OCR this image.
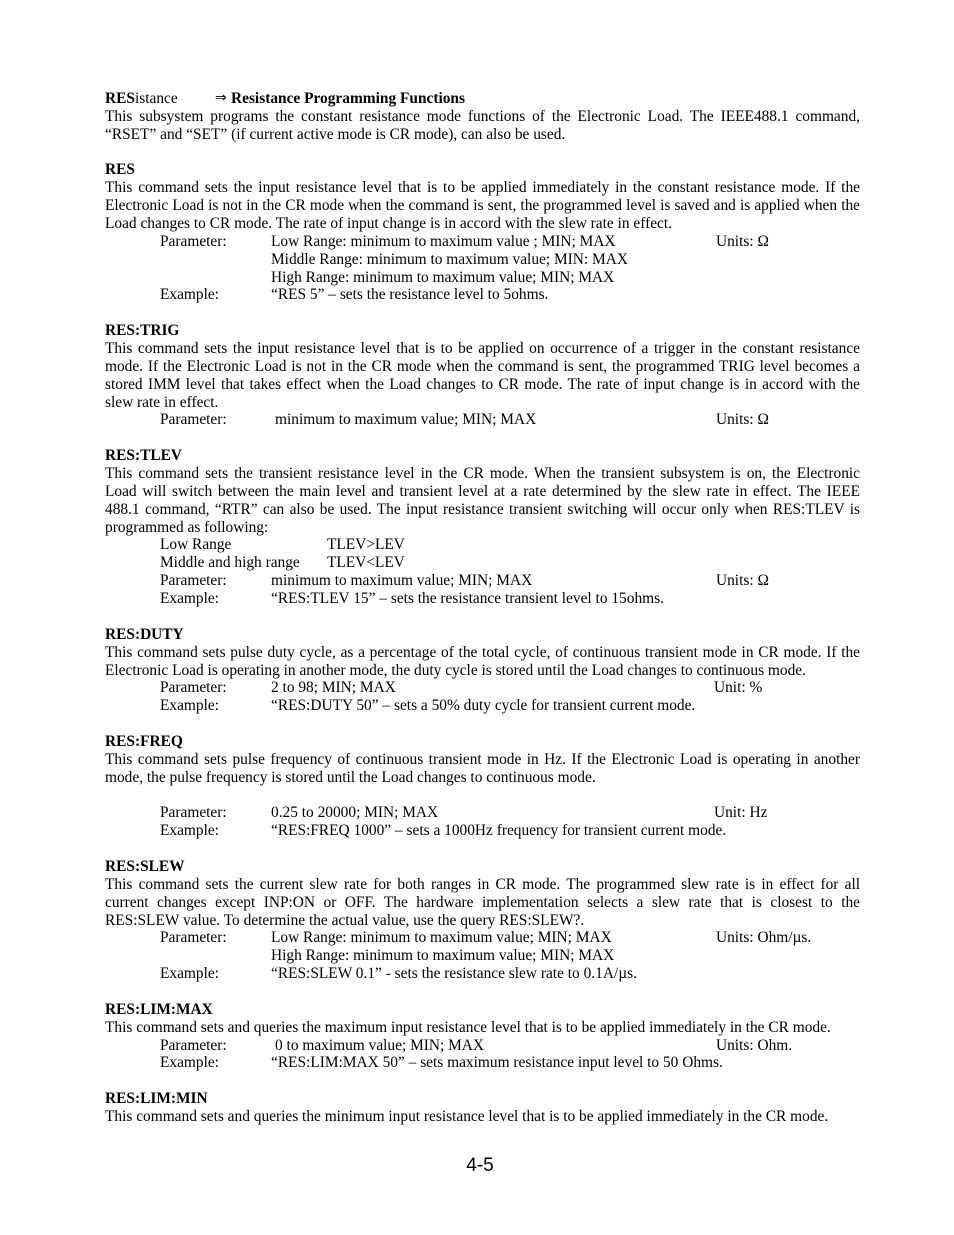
RESistance	⇒ Resistance Programming Functions
This subsystem programs the constant resistance mode functions of the Electronic Load. The IEEE488.1 command,
“RSET” and “SET” (if current active mode is CR mode), can also be used.
RES
This command sets the input resistance level that is to be applied immediately in the constant resistance mode. If the
Electronic Load is not in the CR mode when the command is sent, the programmed level is saved and is applied when the
Load changes to CR mode. The rate of input change is in accord with the slew rate in effect.
Parameter:	Low Range: minimum to maximum value ; MIN; MAX	Units: Ω
Middle Range: minimum to maximum value; MIN: MAX
High Range: minimum to maximum value; MIN; MAX
Example:	“RES 5” – sets the resistance level to 5ohms.
RES:TRIG
This command sets the input resistance level that is to be applied on occurrence of a trigger in the constant resistance
mode. If the Electronic Load is not in the CR mode when the command is sent, the programmed TRIG level becomes a
stored IMM level that takes effect when the Load changes to CR mode. The rate of input change is in accord with the
slew rate in effect.
Parameter:	minimum to maximum value; MIN; MAX	Units: Ω
RES:TLEV
This command sets the transient resistance level in the CR mode. When the transient subsystem is on, the Electronic
Load will switch between the main level and transient level at a rate determined by the slew rate in effect. The IEEE
488.1 command, “RTR” can also be used. The input resistance transient switching will occur only when RES:TLEV is
programmed as following:
Low Range	TLEV>LEV
Middle and high range TLEV<LEV
Parameter:	minimum to maximum value; MIN; MAX	Units: Ω
Example:	“RES:TLEV 15” – sets the resistance transient level to 15ohms.
RES:DUTY
This command sets pulse duty cycle, as a percentage of the total cycle, of continuous transient mode in CR mode. If the
Electronic Load is operating in another mode, the duty cycle is stored until the Load changes to continuous mode.
Parameter:	2 to 98; MIN; MAX	Unit: %
Example:	“RES:DUTY 50” – sets a 50% duty cycle for transient current mode.
RES:FREQ
This command sets pulse frequency of continuous transient mode in Hz. If the Electronic Load is operating in another
mode, the pulse frequency is stored until the Load changes to continuous mode.
Parameter:	0.25 to 20000; MIN; MAX	Unit: Hz
Example:	“RES:FREQ 1000” – sets a 1000Hz frequency for transient current mode.
RES:SLEW
This command sets the current slew rate for both ranges in CR mode. The programmed slew rate is in effect for all
current changes except INP:ON or OFF. The hardware implementation selects a slew rate that is closest to the
RES:SLEW value. To determine the actual value, use the query RES:SLEW?.
Parameter:	Low Range: minimum to maximum value; MIN; MAX	Units: Ohm/µs.
High Range: minimum to maximum value; MIN; MAX
Example:	“RES:SLEW 0.1” - sets the resistance slew rate to 0.1A/µs.
RES:LIM:MAX
This command sets and queries the maximum input resistance level that is to be applied immediately in the CR mode.
Parameter:	0 to maximum value; MIN; MAX	Units: Ohm.
Example:	“RES:LIM:MAX 50” – sets maximum resistance input level to 50 Ohms.
RES:LIM:MIN
This command sets and queries the minimum input resistance level that is to be applied immediately in the CR mode.
4-5
